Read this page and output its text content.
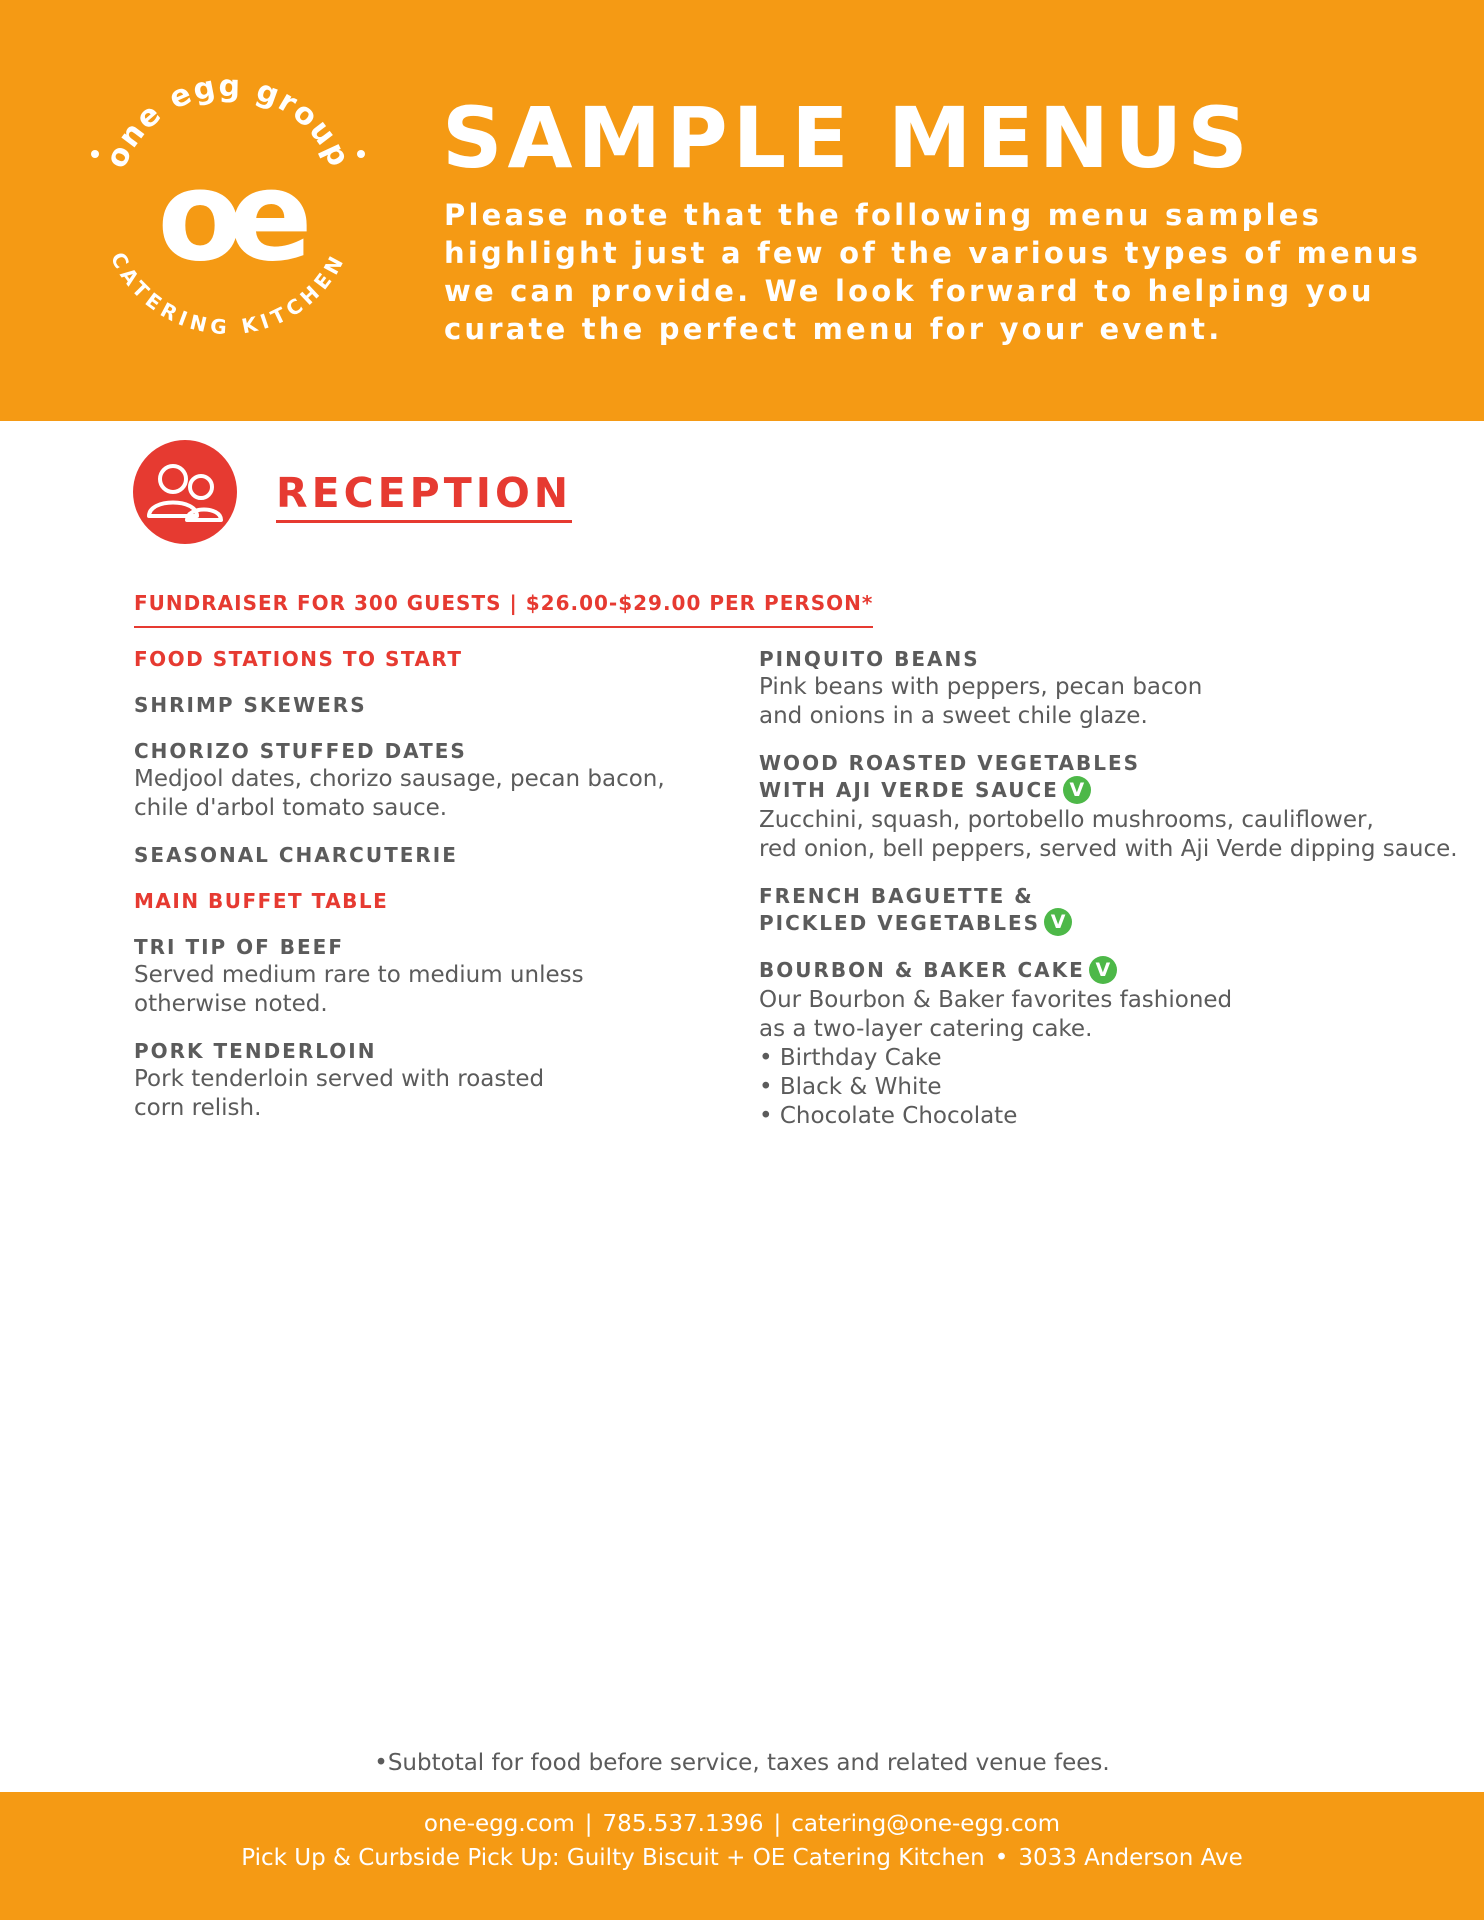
one egg group
CATERING KITCHEN
oe
SAMPLE MENUS

Please note that the following menu samples highlight just a few of the various types of menus we can provide. We look forward to helping you curate the perfect menu for your event.

RECEPTION

FUNDRAISER FOR 300 GUESTS | $26.00-$29.00 PER PERSON*

FOOD STATIONS TO START
SHRIMP SKEWERS
CHORIZO STUFFED DATES
Medjool dates, chorizo sausage, pecan bacon,
chile d'arbol tomato sauce.
SEASONAL CHARCUTERIE
MAIN BUFFET TABLE
TRI TIP OF BEEF
Served medium rare to medium unless
otherwise noted.
PORK TENDERLOIN
Pork tenderloin served with roasted
corn relish.
PINQUITO BEANS
Pink beans with peppers, pecan bacon
and onions in a sweet chile glaze.
WOOD ROASTED VEGETABLES
WITH AJI VERDE SAUCE V
Zucchini, squash, portobello mushrooms, cauliflower,
red onion, bell peppers, served with Aji Verde dipping sauce.
FRENCH BAGUETTE &
PICKLED VEGETABLES V
BOURBON & BAKER CAKE V
Our Bourbon & Baker favorites fashioned
as a two-layer catering cake.
• Birthday Cake
• Black & White
• Chocolate Chocolate

•Subtotal for food before service, taxes and related venue fees.

one-egg.com | 785.537.1396 | catering@one-egg.com

Pick Up & Curbside Pick Up: Guilty Biscuit + OE Catering Kitchen • 3033 Anderson Ave
